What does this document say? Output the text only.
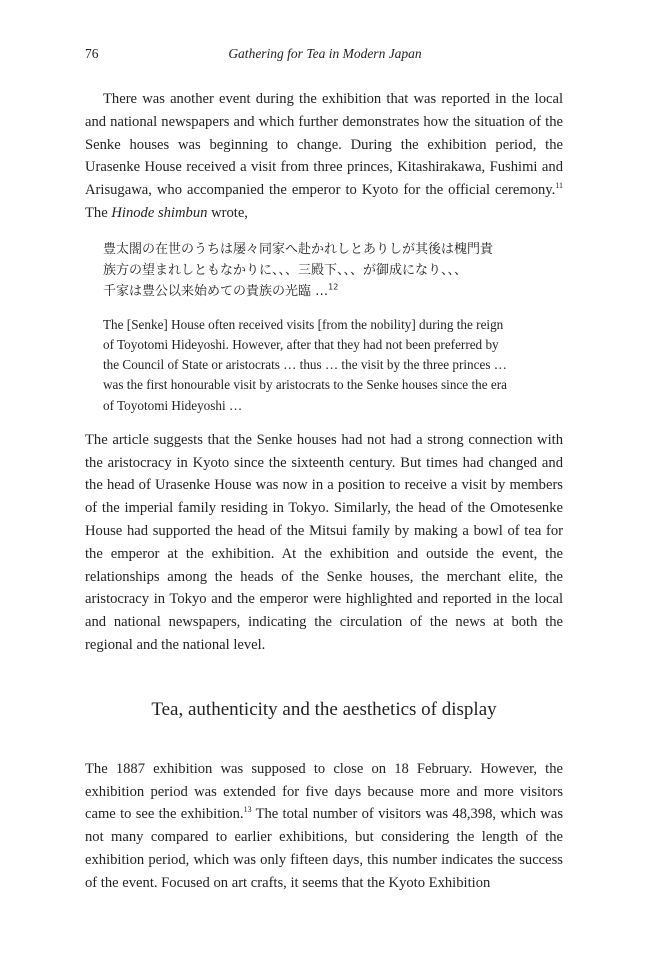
76	Gathering for Tea in Modern Japan

There was another event during the exhibition that was reported in the local and national newspapers and which further demonstrates how the situation of the Senke houses was beginning to change. During the exhibition period, the Urasenke House received a visit from three princes, Kitashirakawa, Fushimi and Arisugawa, who accompanied the emperor to Kyoto for the official ceremony.$^{11}$ The Hinode shimbun wrote,

豊太閤の在世のうちは屡々同家へ赴かれしとありしが其後は槐門貴
族方の望まれしともなかりに、、、三殿下、、、が御成になり、、、
千家は豊公以来始めての貴族の光臨 …$^{12}$
The [Senke] House often received visits [from the nobility] during the reign
of Toyotomi Hideyoshi. However, after that they had not been preferred by
the Council of State or aristocrats … thus … the visit by the three princes …
was the first honourable visit by aristocrats to the Senke houses since the era
of Toyotomi Hideyoshi …

The article suggests that the Senke houses had not had a strong connection with the aristocracy in Kyoto since the sixteenth century. But times had changed and the head of Urasenke House was now in a position to receive a visit by members of the imperial family residing in Tokyo. Similarly, the head of the Omotesenke House had supported the head of the Mitsui family by making a bowl of tea for the emperor at the exhibition. At the exhibition and outside the event, the relationships among the heads of the Senke houses, the merchant elite, the aristocracy in Tokyo and the emperor were highlighted and reported in the local and national newspapers, indicating the circulation of the news at both the regional and the national level.

Tea, authenticity and the aesthetics of display

The 1887 exhibition was supposed to close on 18 February. However, the exhibition period was extended for five days because more and more visitors came to see the exhibition.$^{13}$ The total number of visitors was 48,398, which was not many compared to earlier exhibitions, but considering the length of the exhibition period, which was only fifteen days, this number indicates the success of the event. Focused on art crafts, it seems that the Kyoto Exhibition
